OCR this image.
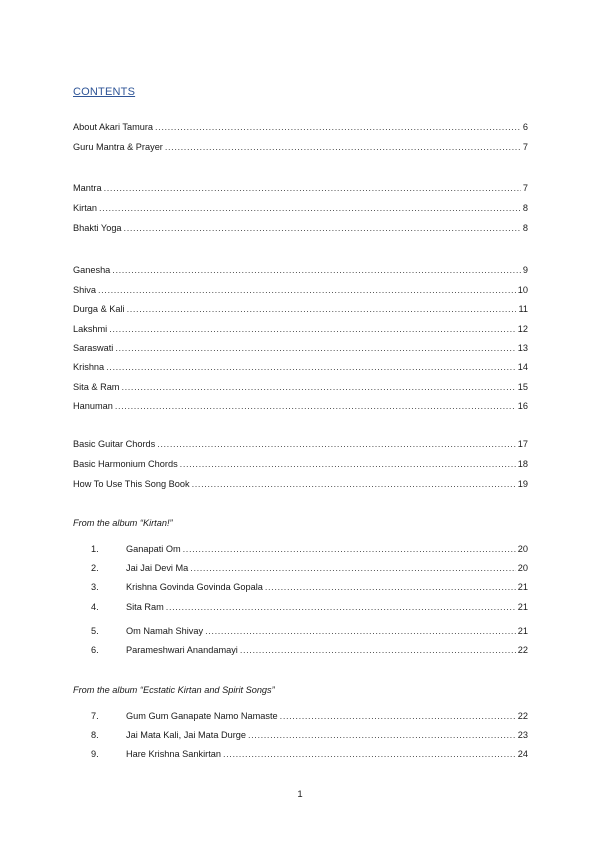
CONTENTS
About Akari Tamura .....	6
Guru Mantra & Prayer .....	7
Mantra .....	7
Kirtan .....	8
Bhakti Yoga .....	8
Ganesha .....	9
Shiva .....	10
Durga & Kali .....	11
Lakshmi .....	12
Saraswati .....	13
Krishna .....	14
Sita & Ram .....	15
Hanuman .....	16
Basic Guitar Chords .....	17
Basic Harmonium Chords .....	18
How To Use This Song Book .....	19
From the album “Kirtan!”
1.	Ganapati Om .....	20
2.	Jai Jai Devi Ma .....	20
3.	Krishna Govinda Govinda Gopala .....	21
4.	Sita Ram .....	21
5.	Om Namah Shivay .....	21
6.	Parameshwari Anandamayi .....	22
From the album “Ecstatic Kirtan and Spirit Songs”
7.	Gum Gum Ganapate Namo Namaste .....	22
8.	Jai Mata Kali, Jai Mata Durge .....	23
9.	Hare Krishna Sankirtan .....	24
1
